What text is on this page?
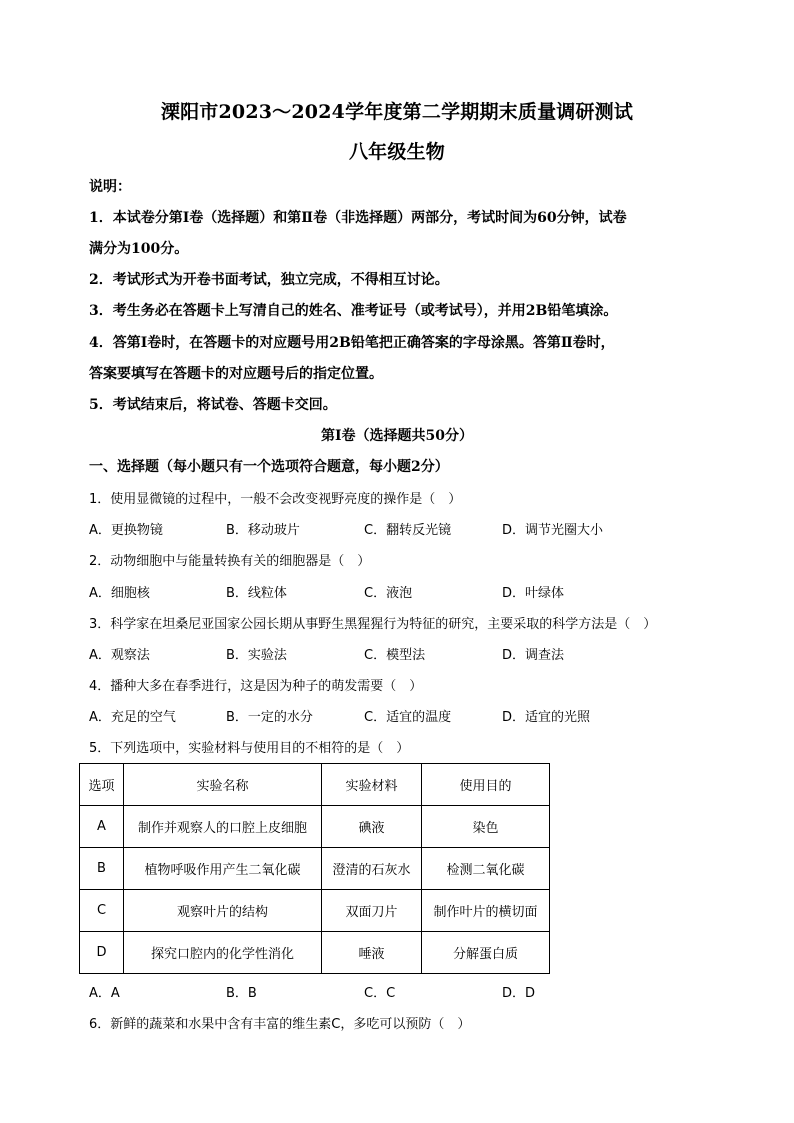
溧阳市2023～2024学年度第二学期期末质量调研测试
八年级生物
说明：
1．本试卷分第Ⅰ卷（选择题）和第Ⅱ卷（非选择题）两部分，考试时间为60分钟，试卷
满分为100分。
2．考试形式为开卷书面考试，独立完成，不得相互讨论。
3．考生务必在答题卡上写清自己的姓名、准考证号（或考试号），并用2B铅笔填涂。
4．答第Ⅰ卷时，在答题卡的对应题号用2B铅笔把正确答案的字母涂黑。答第Ⅱ卷时，
答案要填写在答题卡的对应题号后的指定位置。
5．考试结束后，将试卷、答题卡交回。
第Ⅰ卷（选择题共50分）
一、选择题（每小题只有一个选项符合题意，每小题2分）
1．使用显微镜的过程中，一般不会改变视野亮度的操作是（　）
A．更换物镜	B．移动玻片	C．翻转反光镜	D．调节光圈大小
2．动物细胞中与能量转换有关的细胞器是（　）
A．细胞核	B．线粒体	C．液泡	D．叶绿体
3．科学家在坦桑尼亚国家公园长期从事野生黑猩猩行为特征的研究，主要采取的科学方法是（　）
A．观察法	B．实验法	C．模型法	D．调查法
4．播种大多在春季进行，这是因为种子的萌发需要（　）
A．充足的空气	B．一定的水分	C．适宜的温度	D．适宜的光照
5．下列选项中，实验材料与使用目的不相符的是（　）
选项	实验名称	实验材料	使用目的
A	制作并观察人的口腔上皮细胞	碘液	染色
B	植物呼吸作用产生二氧化碳	澄清的石灰水	检测二氧化碳
C	观察叶片的结构	双面刀片	制作叶片的横切面
D	探究口腔内的化学性消化	唾液	分解蛋白质
A．A	B．B	C．C	D．D
6．新鲜的蔬菜和水果中含有丰富的维生素C，多吃可以预防（　）
